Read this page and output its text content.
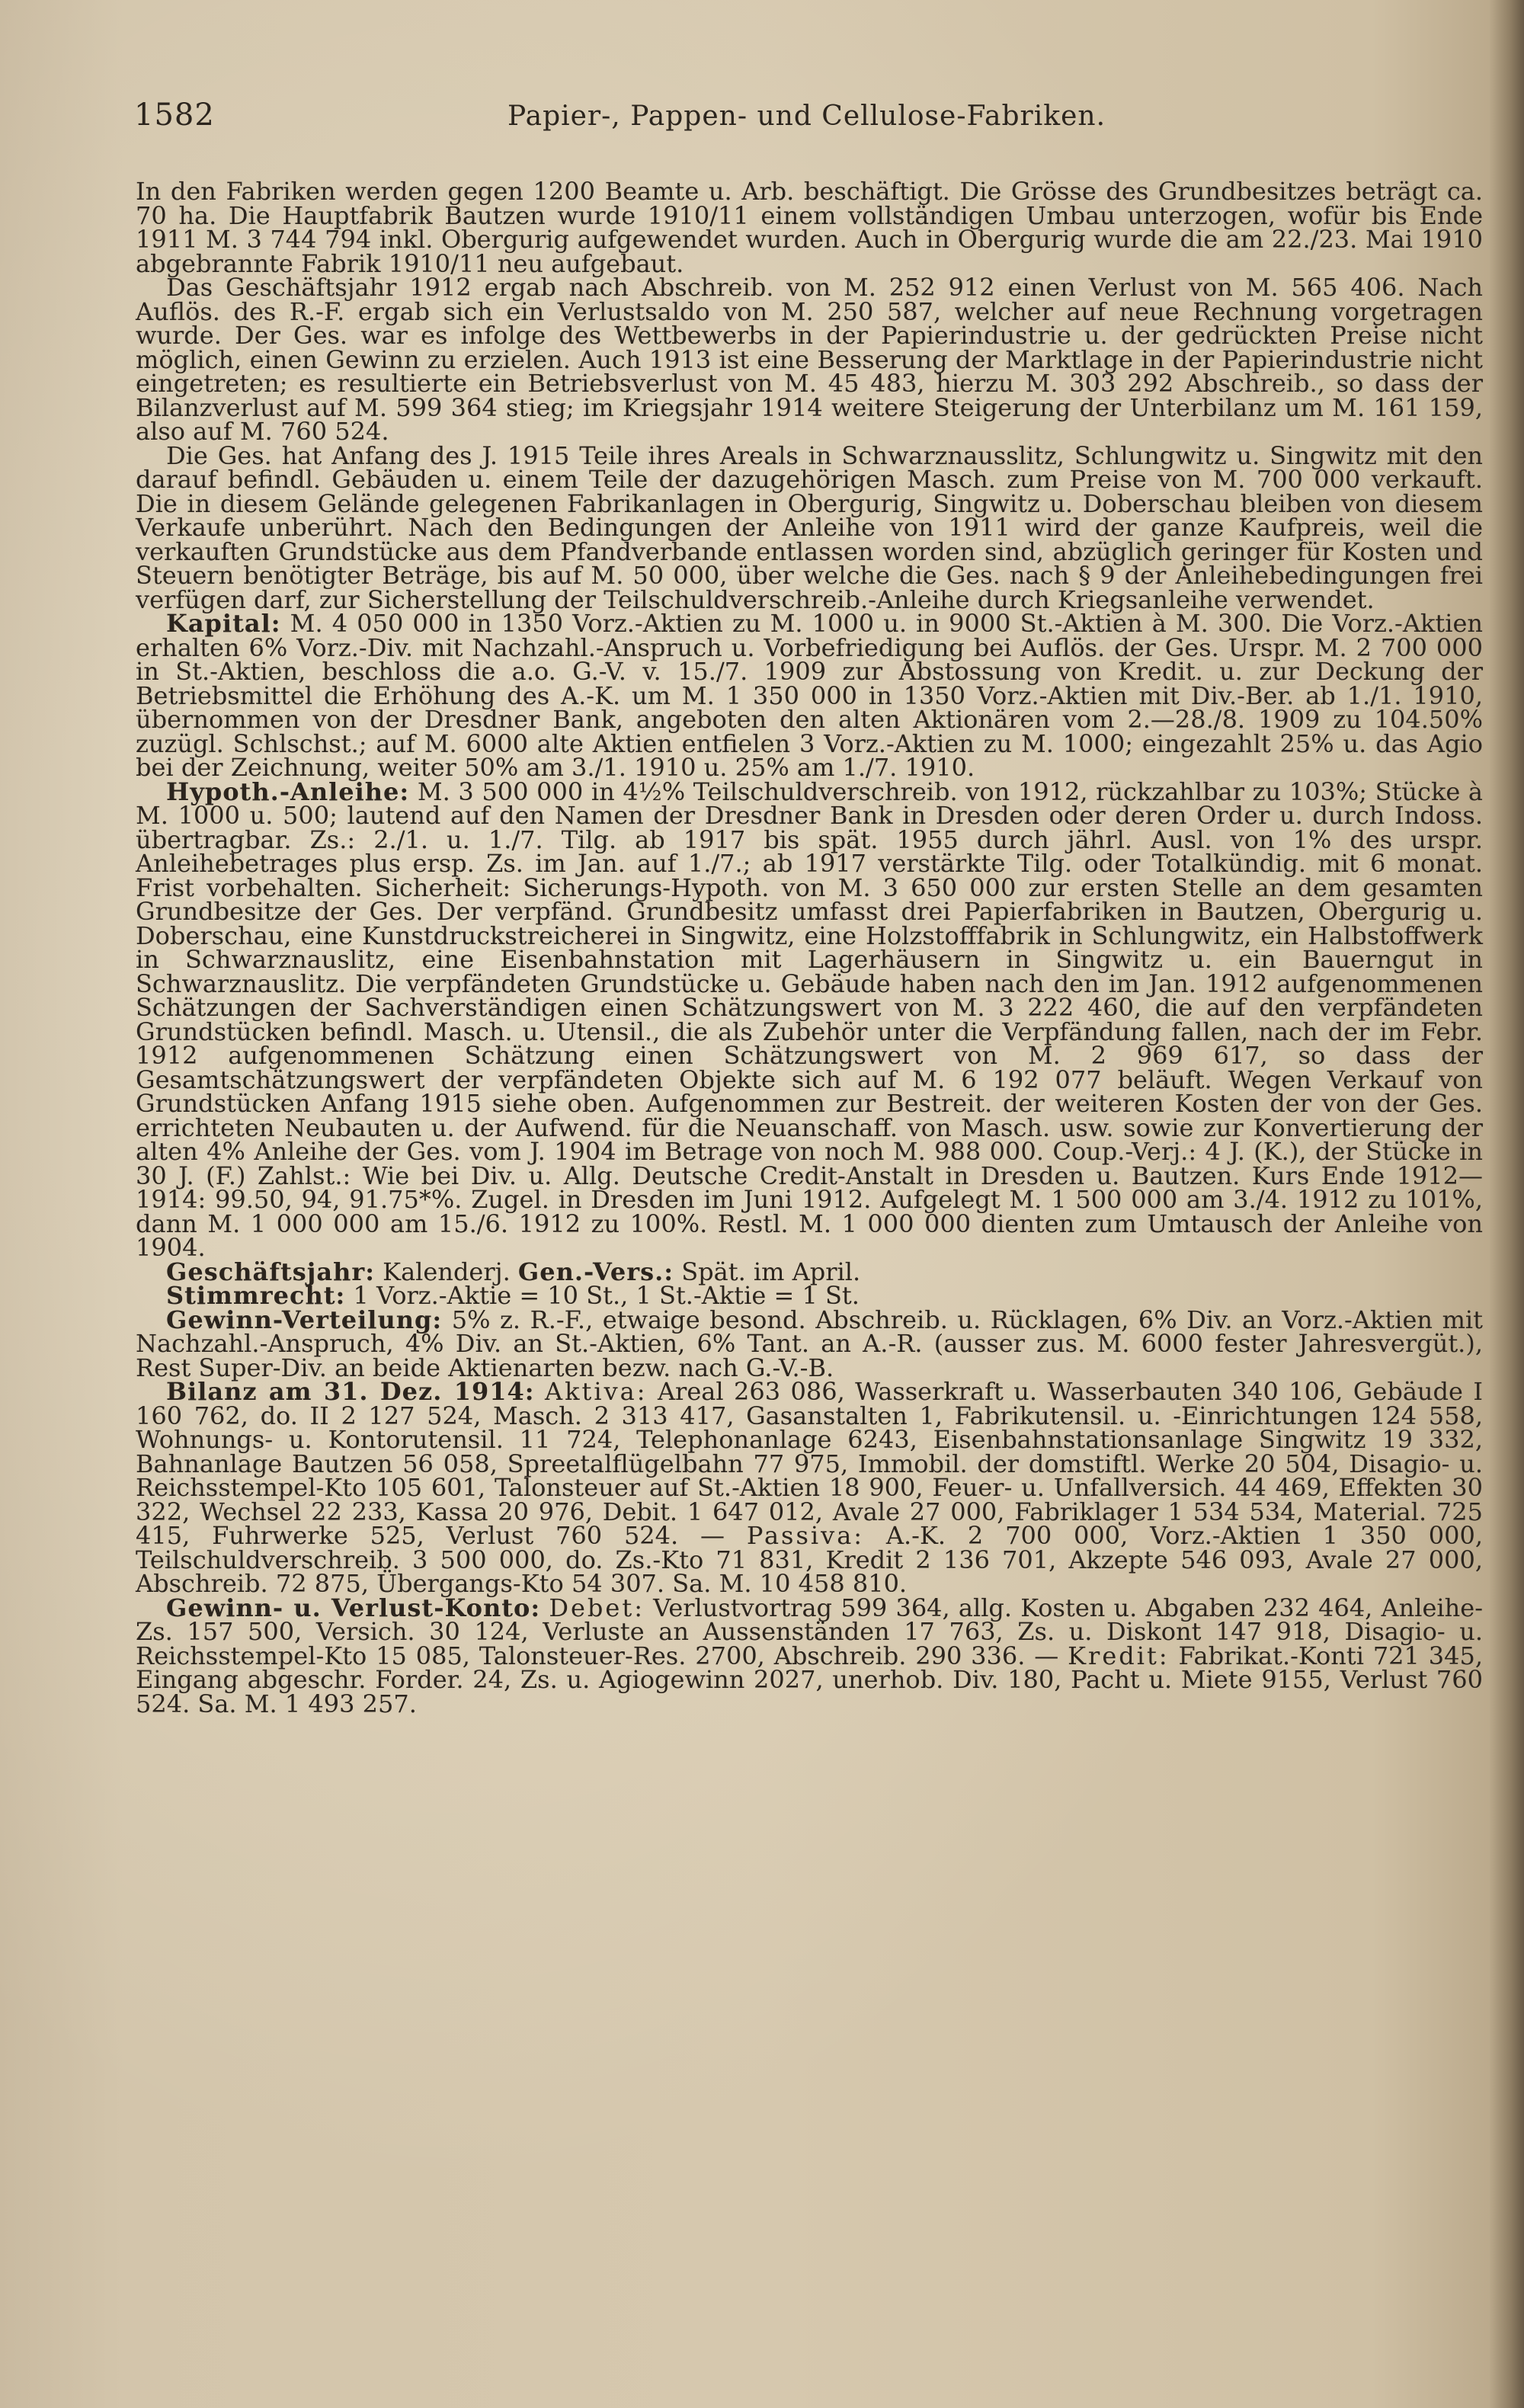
1582	Papier-, Pappen- und Cellulose-Fabriken.

In den Fabriken werden gegen 1200 Beamte u. Arb. beschäftigt. Die Grösse des Grundbesitzes beträgt ca. 70 ha. Die Hauptfabrik Bautzen wurde 1910/11 einem vollständigen Umbau unterzogen, wofür bis Ende 1911 M. 3 744 794 inkl. Obergurig aufgewendet wurden. Auch in Obergurig wurde die am 22./23. Mai 1910 abgebrannte Fabrik 1910/11 neu aufgebaut.

Das Geschäftsjahr 1912 ergab nach Abschreib. von M. 252 912 einen Verlust von M. 565 406. Nach Auflös. des R.-F. ergab sich ein Verlustsaldo von M. 250 587, welcher auf neue Rechnung vorgetragen wurde. Der Ges. war es infolge des Wettbewerbs in der Papierindustrie u. der gedrückten Preise nicht möglich, einen Gewinn zu erzielen. Auch 1913 ist eine Besserung der Marktlage in der Papierindustrie nicht eingetreten; es resultierte ein Betriebsverlust von M. 45 483, hierzu M. 303 292 Abschreib., so dass der Bilanzverlust auf M. 599 364 stieg; im Kriegsjahr 1914 weitere Steigerung der Unterbilanz um M. 161 159, also auf M. 760 524.

Die Ges. hat Anfang des J. 1915 Teile ihres Areals in Schwarznausslitz, Schlungwitz u. Singwitz mit den darauf befindl. Gebäuden u. einem Teile der dazugehörigen Masch. zum Preise von M. 700 000 verkauft. Die in diesem Gelände gelegenen Fabrikanlagen in Obergurig, Singwitz u. Doberschau bleiben von diesem Verkaufe unberührt. Nach den Bedingungen der Anleihe von 1911 wird der ganze Kaufpreis, weil die verkauften Grundstücke aus dem Pfandverbande entlassen worden sind, abzüglich geringer für Kosten und Steuern benötigter Beträge, bis auf M. 50 000, über welche die Ges. nach § 9 der Anleihebedingungen frei verfügen darf, zur Sicherstellung der Teilschuldverschreib.-Anleihe durch Kriegsanleihe verwendet.

Kapital: M. 4 050 000 in 1350 Vorz.-Aktien zu M. 1000 u. in 9000 St.-Aktien à M. 300. Die Vorz.-Aktien erhalten 6% Vorz.-Div. mit Nachzahl.-Anspruch u. Vorbefriedigung bei Auflös. der Ges. Urspr. M. 2 700 000 in St.-Aktien, beschloss die a.o. G.-V. v. 15./7. 1909 zur Abstossung von Kredit. u. zur Deckung der Betriebsmittel die Erhöhung des A.-K. um M. 1 350 000 in 1350 Vorz.-Aktien mit Div.-Ber. ab 1./1. 1910, übernommen von der Dresdner Bank, angeboten den alten Aktionären vom 2.—28./8. 1909 zu 104.50% zuzügl. Schlschst.; auf M. 6000 alte Aktien entfielen 3 Vorz.-Aktien zu M. 1000; eingezahlt 25% u. das Agio bei der Zeichnung, weiter 50% am 3./1. 1910 u. 25% am 1./7. 1910.

Hypoth.-Anleihe: M. 3 500 000 in 4½% Teilschuldverschreib. von 1912, rückzahlbar zu 103%; Stücke à M. 1000 u. 500; lautend auf den Namen der Dresdner Bank in Dresden oder deren Order u. durch Indoss. übertragbar. Zs.: 2./1. u. 1./7. Tilg. ab 1917 bis spät. 1955 durch jährl. Ausl. von 1% des urspr. Anleihebetrages plus ersp. Zs. im Jan. auf 1./7.; ab 1917 verstärkte Tilg. oder Totalkündig. mit 6 monat. Frist vorbehalten. Sicherheit: Sicherungs-Hypoth. von M. 3 650 000 zur ersten Stelle an dem gesamten Grundbesitze der Ges. Der verpfänd. Grundbesitz umfasst drei Papierfabriken in Bautzen, Obergurig u. Doberschau, eine Kunstdruckstreicherei in Singwitz, eine Holzstofffabrik in Schlungwitz, ein Halbstoffwerk in Schwarznauslitz, eine Eisenbahnstation mit Lagerhäusern in Singwitz u. ein Bauerngut in Schwarznauslitz. Die verpfändeten Grundstücke u. Gebäude haben nach den im Jan. 1912 aufgenommenen Schätzungen der Sachverständigen einen Schätzungswert von M. 3 222 460, die auf den verpfändeten Grundstücken befindl. Masch. u. Utensil., die als Zubehör unter die Verpfändung fallen, nach der im Febr. 1912 aufgenommenen Schätzung einen Schätzungswert von M. 2 969 617, so dass der Gesamtschätzungswert der verpfändeten Objekte sich auf M. 6 192 077 beläuft. Wegen Verkauf von Grundstücken Anfang 1915 siehe oben. Aufgenommen zur Bestreit. der weiteren Kosten der von der Ges. errichteten Neubauten u. der Aufwend. für die Neuanschaff. von Masch. usw. sowie zur Konvertierung der alten 4% Anleihe der Ges. vom J. 1904 im Betrage von noch M. 988 000. Coup.-Verj.: 4 J. (K.), der Stücke in 30 J. (F.) Zahlst.: Wie bei Div. u. Allg. Deutsche Credit-Anstalt in Dresden u. Bautzen. Kurs Ende 1912—1914: 99.50, 94, 91.75*%. Zugel. in Dresden im Juni 1912. Aufgelegt M. 1 500 000 am 3./4. 1912 zu 101%, dann M. 1 000 000 am 15./6. 1912 zu 100%. Restl. M. 1 000 000 dienten zum Umtausch der Anleihe von 1904.

Geschäftsjahr: Kalenderj. Gen.-Vers.: Spät. im April.

Stimmrecht: 1 Vorz.-Aktie = 10 St., 1 St.-Aktie = 1 St.

Gewinn-Verteilung: 5% z. R.-F., etwaige besond. Abschreib. u. Rücklagen, 6% Div. an Vorz.-Aktien mit Nachzahl.-Anspruch, 4% Div. an St.-Aktien, 6% Tant. an A.-R. (ausser zus. M. 6000 fester Jahresvergüt.), Rest Super-Div. an beide Aktienarten bezw. nach G.-V.-B.

Bilanz am 31. Dez. 1914: Aktiva: Areal 263 086, Wasserkraft u. Wasserbauten 340 106, Gebäude I 160 762, do. II 2 127 524, Masch. 2 313 417, Gasanstalten 1, Fabrikutensil. u. -Einrichtungen 124 558, Wohnungs- u. Kontorutensil. 11 724, Telephonanlage 6243, Eisenbahnstationsanlage Singwitz 19 332, Bahnanlage Bautzen 56 058, Spreetalflügelbahn 77 975, Immobil. der domstiftl. Werke 20 504, Disagio- u. Reichsstempel-Kto 105 601, Talonsteuer auf St.-Aktien 18 900, Feuer- u. Unfallversich. 44 469, Effekten 30 322, Wechsel 22 233, Kassa 20 976, Debit. 1 647 012, Avale 27 000, Fabriklager 1 534 534, Material. 725 415, Fuhrwerke 525, Verlust 760 524. — Passiva: A.-K. 2 700 000, Vorz.-Aktien 1 350 000, Teilschuldverschreib. 3 500 000, do. Zs.-Kto 71 831, Kredit 2 136 701, Akzepte 546 093, Avale 27 000, Abschreib. 72 875, Übergangs-Kto 54 307. Sa. M. 10 458 810.

Gewinn- u. Verlust-Konto: Debet: Verlustvortrag 599 364, allg. Kosten u. Abgaben 232 464, Anleihe-Zs. 157 500, Versich. 30 124, Verluste an Aussenständen 17 763, Zs. u. Diskont 147 918, Disagio- u. Reichsstempel-Kto 15 085, Talonsteuer-Res. 2700, Abschreib. 290 336. — Kredit: Fabrikat.-Konti 721 345, Eingang abgeschr. Forder. 24, Zs. u. Agiogewinn 2027, unerhob. Div. 180, Pacht u. Miete 9155, Verlust 760 524. Sa. M. 1 493 257.
